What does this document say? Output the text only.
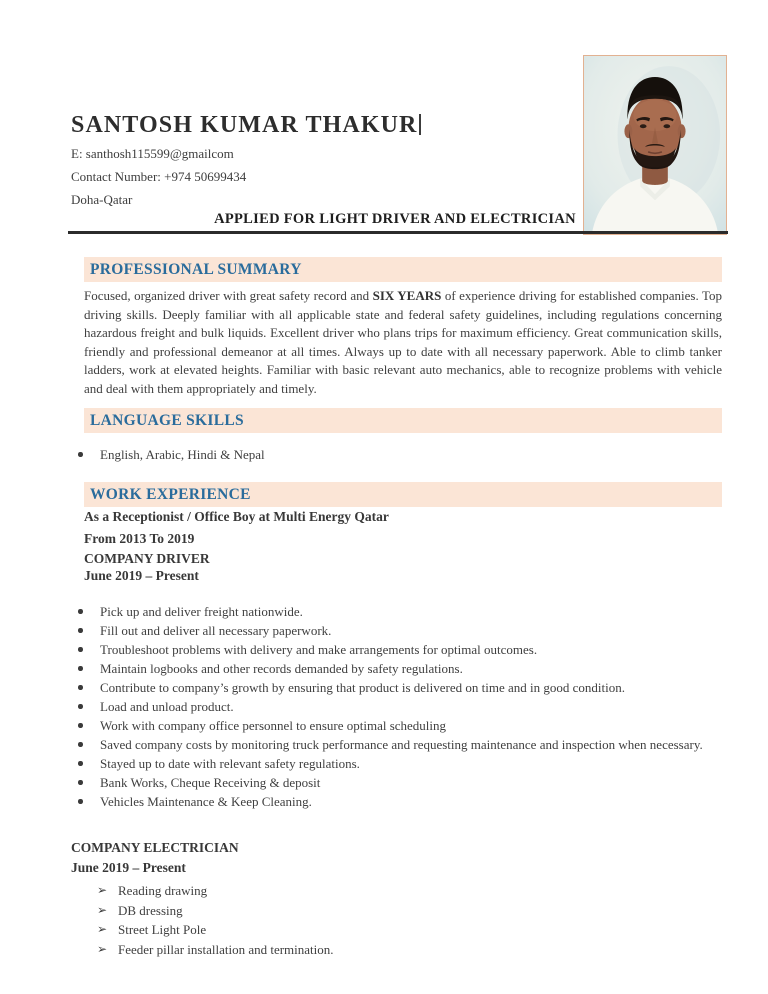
SANTOSH KUMAR THAKUR
E: santhosh115599@gmailcom
Contact Number: +974 50699434
Doha-Qatar
APPLIED FOR LIGHT DRIVER AND ELECTRICIAN
PROFESSIONAL SUMMARY

Focused, organized driver with great safety record and SIX YEARS of experience driving for established companies. Top driving skills. Deeply familiar with all applicable state and federal safety guidelines, including regulations concerning hazardous freight and bulk liquids. Excellent driver who plans trips for maximum efficiency. Great communication skills, friendly and professional demeanor at all times. Always up to date with all necessary paperwork. Able to climb tanker ladders, work at elevated heights. Familiar with basic relevant auto mechanics, able to recognize problems with vehicle and deal with them appropriately and timely.

LANGUAGE SKILLS
English, Arabic, Hindi & Nepal
WORK EXPERIENCE
As a Receptionist / Office Boy at Multi Energy Qatar
From 2013 To 2019
COMPANY DRIVER
June 2019 – Present
Pick up and deliver freight nationwide.
Fill out and deliver all necessary paperwork.
Troubleshoot problems with delivery and make arrangements for optimal outcomes.
Maintain logbooks and other records demanded by safety regulations.
Contribute to company’s growth by ensuring that product is delivered on time and in good condition.
Load and unload product.
Work with company office personnel to ensure optimal scheduling
Saved company costs by monitoring truck performance and requesting maintenance and inspection when necessary.
Stayed up to date with relevant safety regulations.
Bank Works, Cheque Receiving & deposit
Vehicles Maintenance & Keep Cleaning.
COMPANY ELECTRICIAN
June 2019 – Present
➢ Reading drawing
➢ DB dressing
➢ Street Light Pole
➢ Feeder pillar installation and termination.
